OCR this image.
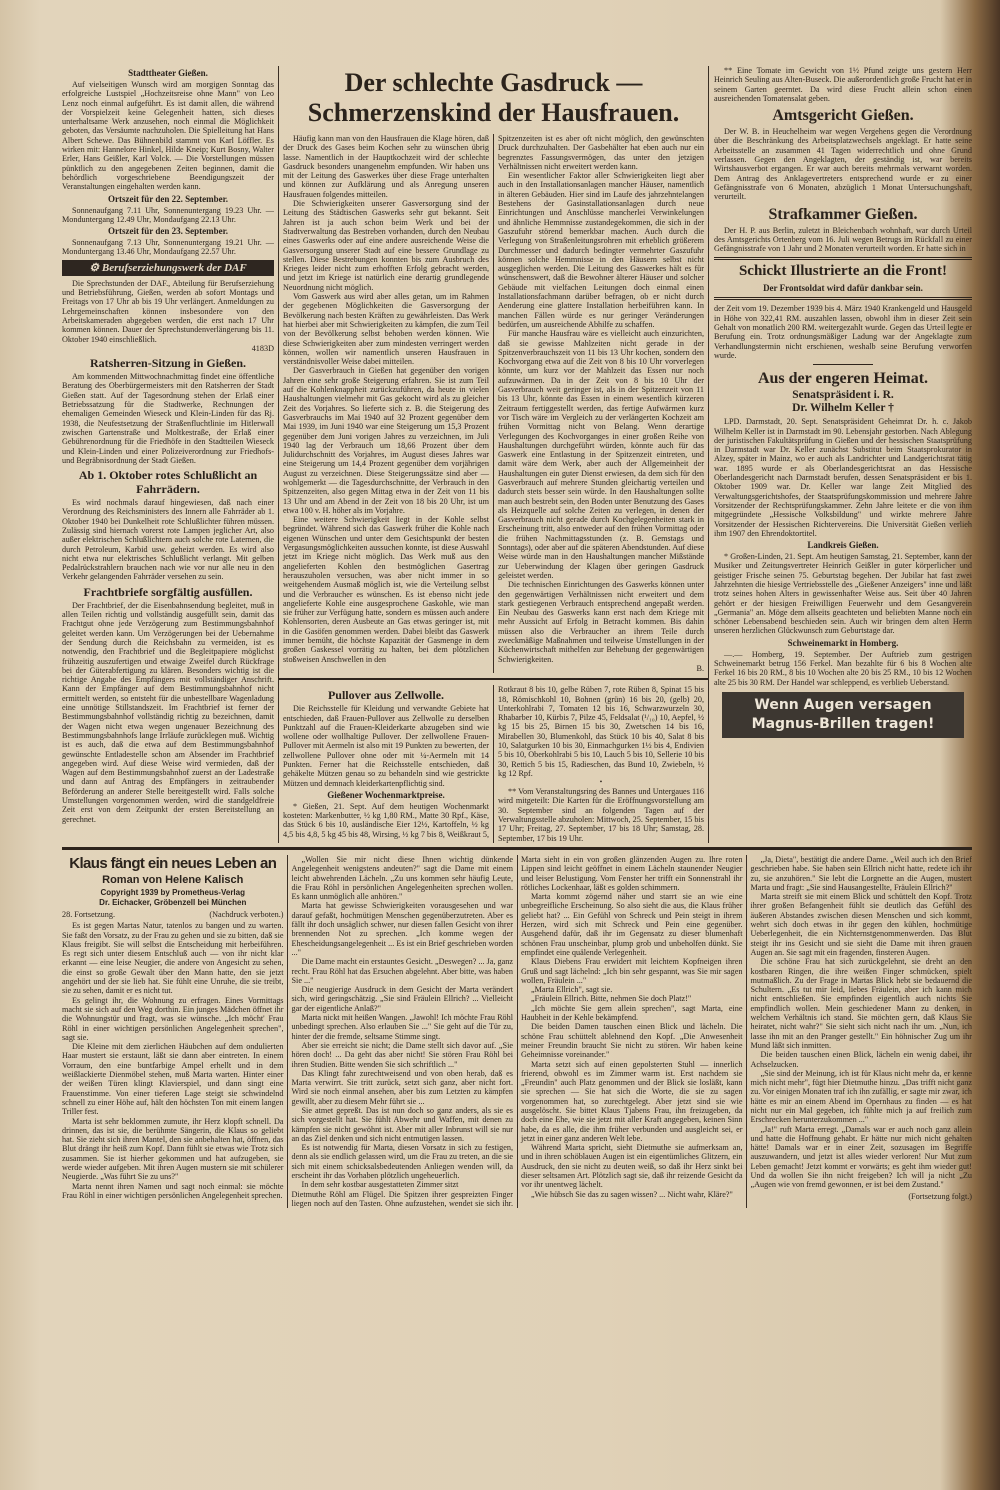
Stadttheater Gießen.

Auf vielseitigen Wunsch wird am morgigen Sonntag das erfolgreiche Lustspiel „Hochzeitsreise ohne Mann" von Leo Lenz noch einmal aufgeführt. Es ist damit allen, die während der Vorspielzeit keine Gelegenheit hatten, sich dieses unterhaltsame Werk anzusehen, noch einmal die Möglichkeit geboten, das Versäumte nachzuholen. Die Spielleitung hat Hans Albert Schewe. Das Bühnenbild stammt von Karl Löffler. Es wirken mit: Hannelore Hinkel, Hilde Kneip; Kurt Bosny, Walter Erler, Hans Geißler, Karl Volck. — Die Vorstellungen müssen pünktlich zu den angegebenen Zeiten beginnen, damit die behördlich vorgeschriebene Beendigungszeit der Veranstaltungen eingehalten werden kann.

Ortszeit für den 22. September.

Sonnenaufgang 7.11 Uhr, Sonnenuntergang 19.23 Uhr. — Monduntergang 12.49 Uhr, Mondaufgang 22.13 Uhr.

Ortszeit für den 23. September.

Sonnenaufgang 7.13 Uhr, Sonnenuntergang 19.21 Uhr. — Monduntergang 13.46 Uhr, Mondaufgang 22.57 Uhr.

⚙ Berufserziehungswerk der DAF

Die Sprechstunden der DAF., Abteilung für Berufserziehung und Betriebsführung, Gießen, werden ab sofort Montags und Freitags von 17 Uhr ab bis 19 Uhr verlängert. Anmeldungen zu Lehrgemeinschaften können insbesondere von den Arbeitskameraden abgegeben werden, die erst nach 17 Uhr kommen können. Dauer der Sprechstundenverlängerung bis 11. Oktober 1940 einschließlich.

4183D
Ratsherren-Sitzung in Gießen.

Am kommenden Mittwochnachmittag findet eine öffentliche Beratung des Oberbürgermeisters mit den Ratsherren der Stadt Gießen statt. Auf der Tagesordnung stehen der Erlaß einer Betriebssatzung für die Stadtwerke, Rechnungen der ehemaligen Gemeinden Wieseck und Klein-Linden für das Rj. 1938, die Neufestsetzung der Straßenfluchtlinie im Hitlerwall zwischen Gartenstraße und Moltkestraße, der Erlaß einer Gebührenordnung für die Friedhöfe in den Stadtteilen Wieseck und Klein-Linden und einer Polizeiverordnung zur Friedhofs- und Begräbnisordnung der Stadt Gießen.

Ab 1. Oktober rotes Schlußlicht an Fahrrädern.

Es wird nochmals darauf hingewiesen, daß nach einer Verordnung des Reichsministers des Innern alle Fahrräder ab 1. Oktober 1940 bei Dunkelheit rote Schlußlichter führen müssen. Zulässig sind hiernach vorerst rote Lampen jeglicher Art, also außer elektrischen Schlußlichtern auch solche rote Laternen, die durch Petroleum, Karbid usw. geheizt werden. Es wird also nicht etwa nur elektrisches Schlußlicht verlangt. Mit gelben Pedalrückstrahlern brauchen nach wie vor nur alle neu in den Verkehr gelangenden Fahrräder versehen zu sein.

Frachtbriefe sorgfältig ausfüllen.

Der Frachtbrief, der die Eisenbahnsendung begleitet, muß in allen Teilen richtig und vollständig ausgefüllt sein, damit das Frachtgut ohne jede Verzögerung zum Bestimmungsbahnhof geleitet werden kann. Um Verzögerungen bei der Uebernahme der Sendung durch die Reichsbahn zu vermeiden, ist es notwendig, den Frachtbrief und die Begleitpapiere möglichst frühzeitig auszufertigen und etwaige Zweifel durch Rückfrage bei der Güterabfertigung zu klären. Besonders wichtig ist die richtige Angabe des Empfängers mit vollständiger Anschrift. Kann der Empfänger auf dem Bestimmungsbahnhof nicht ermittelt werden, so entsteht für die unbestellbare Wagenladung eine unnötige Stillstandszeit. Im Frachtbrief ist ferner der Bestimmungsbahnhof vollständig richtig zu bezeichnen, damit der Wagen nicht etwa wegen ungenauer Bezeichnung des Bestimmungsbahnhofs lange Irrläufe zurücklegen muß. Wichtig ist es auch, daß die etwa auf dem Bestimmungsbahnhof gewünschte Entladestelle schon am Absender im Frachtbrief angegeben wird. Auf diese Weise wird vermieden, daß der Wagen auf dem Bestimmungsbahnhof zuerst an der Ladestraße und dann auf Antrag des Empfängers in zeitraubender Beförderung an anderer Stelle bereitgestellt wird. Falls solche Umstellungen vorgenommen werden, wird die standgeldfreie Zeit erst von dem Zeitpunkt der ersten Bereitstellung an gerechnet.

Der schlechte Gasdruck —
Schmerzenskind der Hausfrauen.

Häufig kann man von den Hausfrauen die Klage hören, daß der Druck des Gases beim Kochen sehr zu wünschen übrig lasse. Namentlich in der Hauptkochzeit wird der schlechte Gasdruck besonders unangenehm empfunden. Wir haben uns mit der Leitung des Gaswerkes über diese Frage unterhalten und können zur Aufklärung und als Anregung unseren Hausfrauen folgendes mitteilen.

Die Schwierigkeiten unserer Gasversorgung sind der Leitung des Städtischen Gaswerks sehr gut bekannt. Seit Jahren ist ja auch schon beim Werk und bei der Stadtverwaltung das Bestreben vorhanden, durch den Neubau eines Gaswerks oder auf eine andere ausreichende Weise die Gasversorgung unserer Stadt auf eine bessere Grundlage zu stellen. Diese Bestrebungen konnten bis zum Ausbruch des Krieges leider nicht zum erhofften Erfolg gebracht werden, und jetzt im Kriege ist natürlich eine derartig grundlegende Neuordnung nicht möglich.

Vom Gaswerk aus wird aber alles getan, um im Rahmen der gegebenen Möglichkeiten die Gasversorgung der Bevölkerung nach besten Kräften zu gewährleisten. Das Werk hat hierbei aber mit Schwierigkeiten zu kämpfen, die zum Teil von der Bevölkerung selbst behoben werden können. Wie diese Schwierigkeiten aber zum mindesten verringert werden können, wollen wir namentlich unseren Hausfrauen in verständnisvoller Weise dabei mitteilen.

Der Gasverbrauch in Gießen hat gegenüber den vorigen Jahren eine sehr große Steigerung erfahren. Sie ist zum Teil auf die Kohlenknappheit zurückzuführen, da heute in vielen Haushaltungen vielmehr mit Gas gekocht wird als zu gleicher Zeit des Vorjahres. So lieferte sich z. B. die Steigerung des Gasverbrauchs im Mai 1940 auf 32 Prozent gegenüber dem Mai 1939, im Juni 1940 war eine Steigerung um 15,3 Prozent gegenüber dem Juni vorigen Jahres zu verzeichnen, im Juli 1940 lag der Verbrauch um 18,66 Prozent über dem Julidurchschnitt des Vorjahres, im August dieses Jahres war eine Steigerung um 14,4 Prozent gegenüber dem vorjährigen August zu verzeichnen. Diese Steigerungssätze sind aber — wohlgemerkt — die Tagesdurchschnitte, der Verbrauch in den Spitzenzeiten, also gegen Mittag etwa in der Zeit von 11 bis 13 Uhr und am Abend in der Zeit von 18 bis 20 Uhr, ist um etwa 100 v. H. höher als im Vorjahre.

Eine weitere Schwierigkeit liegt in der Kohle selbst begründet. Während sich das Gaswerk früher die Kohle nach eigenen Wünschen und unter dem Gesichtspunkt der besten Vergasungsmöglichkeiten aussuchen konnte, ist diese Auswahl jetzt im Kriege nicht möglich. Das Werk muß aus den angelieferten Kohlen den bestmöglichen Gasertrag herauszuholen versuchen, was aber nicht immer in so weitgehendem Ausmaß möglich ist, wie die Verteilung selbst und die Verbraucher es wünschen. Es ist ebenso nicht jede angelieferte Kohle eine ausgesprochene Gaskohle, wie man sie früher zur Verfügung hatte, sondern es müssen auch andere Kohlensorten, deren Ausbeute an Gas etwas geringer ist, mit in die Gasöfen genommen werden. Dabei bleibt das Gaswerk immer bemüht, die höchste Kapazität der Gasmenge in dem großen Gaskessel vorrätig zu halten, bei dem plötzlichen stoßweisen Anschwellen in den

Spitzenzeiten ist es aber oft nicht möglich, den gewünschten Druck durchzuhalten. Der Gasbehälter hat eben auch nur ein begrenztes Fassungsvermögen, das unter den jetzigen Verhältnissen nicht erweitert werden kann.

Ein wesentlicher Faktor aller Schwierigkeiten liegt aber auch in den Installationsanlagen mancher Häuser, namentlich in älteren Gebäuden. Hier sind im Laufe des jahrzehntelangen Bestehens der Gasinstallationsanlagen durch neue Einrichtungen und Anschlüsse mancherlei Verwinkelungen und ähnliche Hemmnisse zustandegekommen, die sich in der Gaszufuhr störend bemerkbar machen. Auch durch die Verlegung von Straßenleitungsrohren mit erheblich größerem Durchmesser und dadurch bedingter vermehrter Gaszufuhr können solche Hemmnisse in den Häusern selbst nicht ausgeglichen werden. Die Leitung des Gaswerkes hält es für wünschenswert, daß die Bewohner älterer Häuser und solcher Gebäude mit vielfachen Leitungen doch einmal einen Installationsfachmann darüber befragen, ob er nicht durch Aenderung eine glattere Installation herbeiführen kann. In manchen Fällen würde es nur geringer Veränderungen bedürfen, um ausreichende Abhilfe zu schaffen.

Für manche Hausfrau wäre es vielleicht auch einzurichten, daß sie gewisse Mahlzeiten nicht gerade in der Spitzenverbrauchszeit von 11 bis 13 Uhr kochen, sondern den Kochvorgang etwa auf die Zeit von 8 bis 10 Uhr vorverlegen könnte, um kurz vor der Mahlzeit das Essen nur noch aufzuwärmen. Da in der Zeit von 8 bis 10 Uhr der Gasverbrauch weit geringer ist, als in der Spitzenzeit von 11 bis 13 Uhr, könnte das Essen in einem wesentlich kürzeren Zeitraum fertiggestellt werden, das fertige Aufwärmen kurz vor Tisch wäre im Vergleich zu der verlängerten Kochzeit am frühen Vormittag nicht von Belang. Wenn derartige Verlegungen des Kochvorganges in einer großen Reihe von Haushaltungen durchgeführt würden, könnte auch für das Gaswerk eine Entlastung in der Spitzenzeit eintreten, und damit wäre dem Werk, aber auch der Allgemeinheit der Haushaltungen ein guter Dienst erwiesen, da dem sich für den Gasverbrauch auf mehrere Stunden gleichartig verteilen und dadurch stets besser sein würde. In den Haushaltungen sollte man auch bestrebt sein, den Boden unter Benutzung des Gases als Heizquelle auf solche Zeiten zu verlegen, in denen der Gasverbrauch nicht gerade durch Kochgelegenheiten stark in Erscheinung tritt, also entweder auf den frühen Vormittag oder die frühen Nachmittagsstunden (z. B. Gemstags und Sonntags), oder aber auf die späteren Abendstunden. Auf diese Weise würde man in den Haushaltungen mancher Mißstände zur Ueberwindung der Klagen über geringen Gasdruck geleistet werden.

Die technischen Einrichtungen des Gaswerks können unter den gegenwärtigen Verhältnissen nicht erweitert und dem stark gestiegenen Verbrauch entsprechend angepaßt werden. Ein Neubau des Gaswerks kann erst nach dem Kriege mit mehr Aussicht auf Erfolg in Betracht kommen. Bis dahin müssen also die Verbraucher an ihrem Teile durch zweckmäßige Maßnahmen und teilweise Umstellungen in der Küchenwirtschaft mithelfen zur Behebung der gegenwärtigen Schwierigkeiten.

B.
Pullover aus Zellwolle.

Die Reichsstelle für Kleidung und verwandte Gebiete hat entschieden, daß Frauen-Pullover aus Zellwolle zu derselben Punktzahl auf die Frauen-Kleiderkarte abzugeben sind wie wollene oder wollhaltige Pullover. Der zellwollene Frauen-Pullover mit Aermeln ist also mit 19 Punkten zu bewerten, der zellwollene Pullover ohne oder mit ¼-Aermeln mit 14 Punkten. Ferner hat die Reichsstelle entschieden, daß gehäkelte Mützen genau so zu behandeln sind wie gestrickte Mützen und demnach kleiderkartenpflichtig sind.

Gießener Wochenmarktpreise.

* Gießen, 21. Sept. Auf dem heutigen Wochenmarkt kosteten: Markenbutter, ½ kg 1,80 RM., Matte 30 Rpf., Käse, das Stück 6 bis 10, ausländische Eier 12½, Kartoffeln, ½ kg 4,5 bis 4,8, 5 kg 45 bis 48, Wirsing, ½ kg 7 bis 8, Weißkraut 5, Rotkraut 8 bis 10, gelbe Rüben 7, rote Rüben 8, Spinat 15 bis 18, Römischkohl 10, Bohnen (grün) 16 bis 20, (gelb) 20, Unterkohlrabi 7, Tomaten 12 bis 16, Schwarzwurzeln 30, Rhabarber 10, Kürbis 7, Pilze 45, Feldsalat (¹/₁₀) 10, Aepfel, ½ kg 15 bis 25, Birnen 15 bis 30, Zwetschen 14 bis 16, Mirabellen 30, Blumenkohl, das Stück 10 bis 40, Salat 8 bis 10, Salatgurken 10 bis 30, Einmachgurken 1½ bis 4, Endivien 5 bis 10, Oberkohlrabi 5 bis 10, Lauch 5 bis 10, Sellerie 10 bis 30, Rettich 5 bis 15, Radieschen, das Bund 10, Zwiebeln, ½ kg 12 Rpf.

•

** Vom Veranstaltungsring des Bannes und Untergaues 116 wird mitgeteilt: Die Karten für die Eröffnungsvorstellung am 30. September sind an folgenden Tagen auf der Verwaltungsstelle abzuholen: Mittwoch, 25. September, 15 bis 17 Uhr; Freitag, 27. September, 17 bis 18 Uhr; Samstag, 28. September, 17 bis 19 Uhr.

** Eine Tomate im Gewicht von 1½ Pfund zeigte uns gestern Herr Heinrich Seuling aus Alten-Buseck. Die außerordentlich große Frucht hat er in seinem Garten geerntet. Da wird diese Frucht allein schon einen ausreichenden Tomatensalat geben.

Amtsgericht Gießen.

Der W. B. in Heuchelheim war wegen Vergehens gegen die Verordnung über die Beschränkung des Arbeitsplatzwechsels angeklagt. Er hatte seine Arbeitsstelle an zusammen 41 Tagen widerrechtlich und ohne Grund verlassen. Gegen den Angeklagten, der geständig ist, war bereits Wirtshausverbot ergangen. Er war auch bereits mehrmals verwarnt worden. Dem Antrag des Anklagevertreters entsprechend wurde er zu einer Gefängnisstrafe von 6 Monaten, abzüglich 1 Monat Untersuchungshaft, verurteilt.

Strafkammer Gießen.

Der H. P. aus Berlin, zuletzt in Bleichenbach wohnhaft, war durch Urteil des Amtsgerichts Ortenberg vom 16. Juli wegen Betrugs im Rückfall zu einer Gefängnisstrafe von 1 Jahr und 2 Monaten verurteilt worden. Er hatte sich in

Schickt Illustrierte an die Front!
Der Frontsoldat wird dafür dankbar sein.

der Zeit vom 19. Dezember 1939 bis 4. März 1940 Krankengeld und Hausgeld in Höhe von 322,41 RM. auszahlen lassen, obwohl ihm in dieser Zeit sein Gehalt von monatlich 200 RM. weitergezahlt wurde. Gegen das Urteil legte er Berufung ein. Trotz ordnungsmäßiger Ladung war der Angeklagte zum Verhandlungstermin nicht erschienen, weshalb seine Berufung verworfen wurde.

Aus der engeren Heimat.
Senatspräsident i. R.
Dr. Wilhelm Keller †

LPD. Darmstadt, 20. Sept. Senatspräsident Geheimrat Dr. h. c. Jakob Wilhelm Keller ist in Darmstadt im 90. Lebensjahr gestorben. Nach Ablegung der juristischen Fakultätsprüfung in Gießen und der hessischen Staatsprüfung in Darmstadt war Dr. Keller zunächst Substitut beim Staatsprokurator in Alzey, später in Mainz, wo er auch als Landrichter und Landgerichtsrat tätig war. 1895 wurde er als Oberlandesgerichtsrat an das Hessische Oberlandesgericht nach Darmstadt berufen, dessen Senatspräsident er bis 1. Oktober 1909 war. Dr. Keller war lange Zeit Mitglied des Verwaltungsgerichtshofes, der Staatsprüfungskommission und mehrere Jahre Vorsitzender der Rechtsprüfungskammer. Zehn Jahre leitete er die von ihm mitgegründete „Hessische Volksbildung" und wirkte mehrere Jahre Vorsitzender der Hessischen Richtervereins. Die Universität Gießen verlieh ihm 1907 den Ehrendoktortitel.

Landkreis Gießen.

* Großen-Linden, 21. Sept. Am heutigen Samstag, 21. September, kann der Musiker und Zeitungsvertreter Heinrich Geißler in guter körperlicher und geistiger Frische seinen 75. Geburtstag begehen. Der Jubilar hat fast zwei Jahrzehnten die hiesige Vertriebsstelle des „Gießener Anzeigers" inne und läßt trotz seines hohen Alters in gewissenhafter Weise aus. Seit über 40 Jahren gehört er der hiesigen Freiwilligen Feuerwehr und dem Gesangverein „Germania" an. Möge dem allseits geachteten und beliebten Manne noch ein schöner Lebensabend beschieden sein. Auch wir bringen dem alten Herrn unseren herzlichen Glückwunsch zum Geburtstage dar.

Schweinemarkt in Homberg.

—.— Homberg, 19. September. Der Auftrieb zum gestrigen Schweinemarkt betrug 156 Ferkel. Man bezahlte für 6 bis 8 Wochen alte Ferkel 16 bis 20 RM., 8 bis 10 Wochen alte 20 bis 25 RM., 10 bis 12 Wochen alte 25 bis 30 RM. Der Handel war schleppend, es verblieb Ueberstand.

Wenn Augen versagen
Magnus-Brillen tragen!
Klaus fängt ein neues Leben an
Roman von Helene Kalisch
Copyright 1939 by Prometheus-Verlag
Dr. Eichacker, Gröbenzell bei München
28. Fortsetzung.	(Nachdruck verboten.)

Es ist gegen Martas Natur, tatenlos zu bangen und zu warten. Sie faßt den Vorsatz, zu der Frau zu gehen und sie zu bitten, daß sie Klaus freigibt. Sie will selbst die Entscheidung mit herbeiführen. Es regt sich unter diesem Entschluß auch — von ihr nicht klar erkannt — eine leise Neugier, die andere von Angesicht zu sehen, die einst so große Gewalt über den Mann hatte, den sie jetzt angehört und der sie lieb hat. Sie fühlt eine Unruhe, die sie treibt, sie zu sehen, damit er es nicht tut.

Es gelingt ihr, die Wohnung zu erfragen. Eines Vormittags macht sie sich auf den Weg dorthin. Ein junges Mädchen öffnet ihr die Wohnungstür und fragt, was sie wünsche. „Ich möcht' Frau Röhl in einer wichtigen persönlichen Angelegenheit sprechen", sagt sie.

Die Kleine mit dem zierlichen Häubchen auf dem ondulierten Haar mustert sie erstaunt, läßt sie dann aber eintreten. In einem Vorraum, den eine buntfarbige Ampel erhellt und in dem weißlackierte Dienmöbel stehen, muß Marta warten. Hinter einer der weißen Türen klingt Klavierspiel, und dann singt eine Frauenstimme. Von einer tieferen Lage steigt sie schwindelnd schnell zu einer Höhe auf, hält den höchsten Ton mit einem langen Triller fest.

Marta ist sehr beklommen zumute, ihr Herz klopft schnell. Da drinnen, das ist sie, die berühmte Sängerin, die Klaus so geliebt hat. Sie zieht sich ihren Mantel, den sie anbehalten hat, öffnen, das Blut drängt ihr heiß zum Kopf. Dann fühlt sie etwas wie Trotz sich zusammen. Sie ist hierher gekommen und hat aufzugeben, sie werde wieder aufgeben. Mit ihren Augen mustern sie mit schülerer Neugierde. „Was führt Sie zu uns?"

Marta nennt ihren Namen und sagt noch einmal: sie möchte Frau Röhl in einer wichtigen persönlichen Angelegenheit sprechen.

„Wollen Sie mir nicht diese Ihnen wichtig dünkende Angelegenheit wenigstens andeuten?" sagt die Dame mit einem leicht abwehrenden Lächeln. „Zu uns kommen sehr häufig Leute, die Frau Röhl in persönlichen Angelegenheiten sprechen wollen. Es kann unmöglich alle anhören."

Marta hat gewisse Schwierigkeiten vorausgesehen und war darauf gefaßt, hochmütigen Menschen gegenüberzutreten. Aber es fällt ihr doch unsäglich schwer, nur diesen fallen Gesicht von ihrer brennenden Not zu sprechen. „Ich komme wegen der Ehescheidungsangelegenheit ... Es ist ein Brief geschrieben worden ..."

Die Dame macht ein erstauntes Gesicht. „Deswegen? ... Ja, ganz recht. Frau Röhl hat das Ersuchen abgelehnt. Aber bitte, was haben Sie ..."

Die neugierige Ausdruck in dem Gesicht der Marta verändert sich, wird geringschätzig. „Sie sind Fräulein Ellrich? ... Vielleicht gar der eigentliche Anlaß?"

Marta nickt mit heißen Wangen. „Jawohl! Ich möchte Frau Röhl unbedingt sprechen. Also erlauben Sie ..." Sie geht auf die Tür zu, hinter der die fremde, seltsame Stimme singt.

Aber sie erreicht sie nicht; die Dame stellt sich davor auf. „Sie hören doch! ... Da geht das aber nicht! Sie stören Frau Röhl bei ihren Studien. Bitte wenden Sie sich schriftlich ..."

Das Klingt fahr zurechtweisend und von oben herab, daß es Marta verwirrt. Sie tritt zurück, setzt sich ganz, aber nicht fort. Wird sie noch einmal ansehen, aber bis zum Letzten zu kämpfen gewillt, aber zu diesem Mehr führt sie ...

Sie atmet gepreßt. Das ist nun doch so ganz anders, als sie es sich vorgestellt hat. Sie fühlt Abwehr und Waffen, mit denen zu kämpfen sie nicht gewöhnt ist. Aber mit aller Inbrunst will sie nur an das Ziel denken und sich nicht entmutigen lassen.

Es ist notwendig für Marta, diesen Vorsatz in sich zu festigen, denn als sie endlich gelassen wird, um die Frau zu treten, an die sie sich mit einem schicksalsbedeutenden Anliegen wenden will, da erscheint ihr das Vorhaben plötzlich ungeheuerlich.

In dem sehr kostbar ausgestatteten Zimmer sitzt

Dietmuthe Röhl am Flügel. Die Spitzen ihrer gespreizten Finger liegen noch auf den Tasten. Ohne aufzustehen, wendet sie sich ihr. Marta sieht in ein von großen glänzenden Augen zu. Ihre roten Lippen sind leicht geöffnet in einem Lächeln staunender Neugier und leiser Belustigung. Vom Fenster her trifft ein Sonnenstrahl ihr rötliches Lockenhaar, läßt es golden schimmern.

Marta kommt zögernd näher und starrt sie an wie eine unbegreifliche Erscheinung. So also sieht die aus, die Klaus früher geliebt hat? ... Ein Gefühl von Schreck und Pein steigt in ihrem Herzen, wird sich mit Schreck und Pein eine gegenüber. Ausgehend dafür, daß ihr im Gegensatz zu dieser blumenhaft schönen Frau unscheinbar, plump grob und unbeholfen dünkt. Sie empfindet eine quälende Verlegenheit.

Klaus Diebens Frau erwidert mit leichtem Kopfneigen ihren Gruß und sagt lächelnd: „Ich bin sehr gespannt, was Sie mir sagen wollen, Fräulein ..."

„Marta Ellrich", sagt sie.

„Fräulein Ellrich. Bitte, nehmen Sie doch Platz!"

„Ich möchte Sie gern allein sprechen", sagt Marta, eine Haubheit in der Kehle bekämpfend.

Die beiden Damen tauschen einen Blick und lächeln. Die schöne Frau schüttelt ablehnend den Kopf. „Die Anwesenheit meiner Freundin braucht Sie nicht zu stören. Wir haben keine Geheimnisse voreinander."

Marta setzt sich auf einen gepolsterten Stuhl — innerlich frierend, obwohl es im Zimmer warm ist. Erst nachdem sie „Freundin" auch Platz genommen und der Blick sie losläßt, kann sie sprechen — Sie hat sich die Worte, die sie zu sagen vorgenommen hat, so zurechtgelegt. Aber jetzt sind sie wie ausgelöscht. Sie bittet Klaus Tjabens Frau, ihn freizugeben, da doch eine Ehe, wie sie jetzt mit aller Kraft angegeben, keinen Sinn habe, da es alle, die ihm früher verbunden und ausgleicht sei, er jetzt in einer ganz anderen Welt lebe.

Während Marta spricht, sieht Dietmuthe sie aufmerksam an, und in ihren schöblauen Augen ist ein eigentümliches Glitzern, ein Ausdruck, den sie nicht zu deuten weiß, so daß ihr Herz sinkt bei dieser seltsamen Art. Plötzlich sagt sie, daß ihr reizende Gesicht da vor ihr unentweg lächelt.

„Wie hübsch Sie das zu sagen wissen? ... Nicht wahr, Kläre?"

„Ja, Dieta", bestätigt die andere Dame. „Weil auch ich den Brief geschrieben habe. Sie haben sein Ellrich nicht hatte, redete ich ihr zu, sie anzuhören." Sie lebt die Lorgnette an die Augen, mustert Marta und fragt: „Sie sind Hausangestellte, Fräulein Ellrich?"

Marta streift sie mit einem Blick und schüttelt den Kopf. Trotz ihrer großen Befangenheit fühlt sie deutlich das Gefühl des äußeren Abstandes zwischen diesen Menschen und sich kommt, wehrt sich doch etwas in ihr gegen den kühlen, hochmütige Ueberlegenheit, die ein Nichternstgenommenwerden. Das Blut steigt ihr ins Gesicht und sie sieht die Dame mit ihren grauen Augen an. Sie sagt mit ein fragenden, finsteren Augen.

Die schöne Frau hat sich zurückgelehnt, sie dreht an den kostbaren Ringen, die ihre weißen Finger schmücken, spielt mutmaßlich. Zu der Frage in Martas Blick hebt sie bedauernd die Schultern. „Es tut mir leid, liebes Fräulein, aber ich kann mich nicht entschließen. Sie empfinden eigentlich auch nichts Sie empfindlich wollen. Mein geschiedener Mann zu denken, in welchem Verhältnis ich stand. Sie möchten gern, daß Klaus Sie heiratet, nicht wahr?" Sie sieht sich nicht nach ihr um. „Nun, ich lasse ihn mit an den Pranger gestellt." Ein höhnischer Zug um ihr Mund läßt sich inmitten.

Die beiden tauschen einen Blick, lächeln ein wenig dabei, ihr Achselzucken.

„Sie sind der Meinung, ich ist für Klaus nicht mehr da, er kenne mich nicht mehr", fügt hier Dietmuthe hinzu. „Das trifft nicht ganz zu. Vor einigen Monaten traf ich ihn zufällig, er sagte mir zwar, ich hätte es mir an einem Abend im Opernhaus zu finden — es hat nicht nur ein Mal gegeben, ich fühlte mich ja auf freilich zum Erschrecken herunterzukommen ..."

„Ja!" ruft Marta erregt. „Damals war er auch noch ganz allein und hatte die Hoffnung gehabt. Er hätte nur mich nicht gehalten hätte! Damals war er in einer Zeit, sozusagen im Begriffe auszuwandern, und jetzt ist alles wieder verloren! Nur Mut zum Leben gemacht! Jetzt kommt er vorwärts; es geht ihm wieder gut! Und da wollen Sie ihn nicht freigeben? Ich will ja nicht „Zu „Augen wie von fremd gewonnen, er ist bei dem Zustand."

(Fortsetzung folgt.)
